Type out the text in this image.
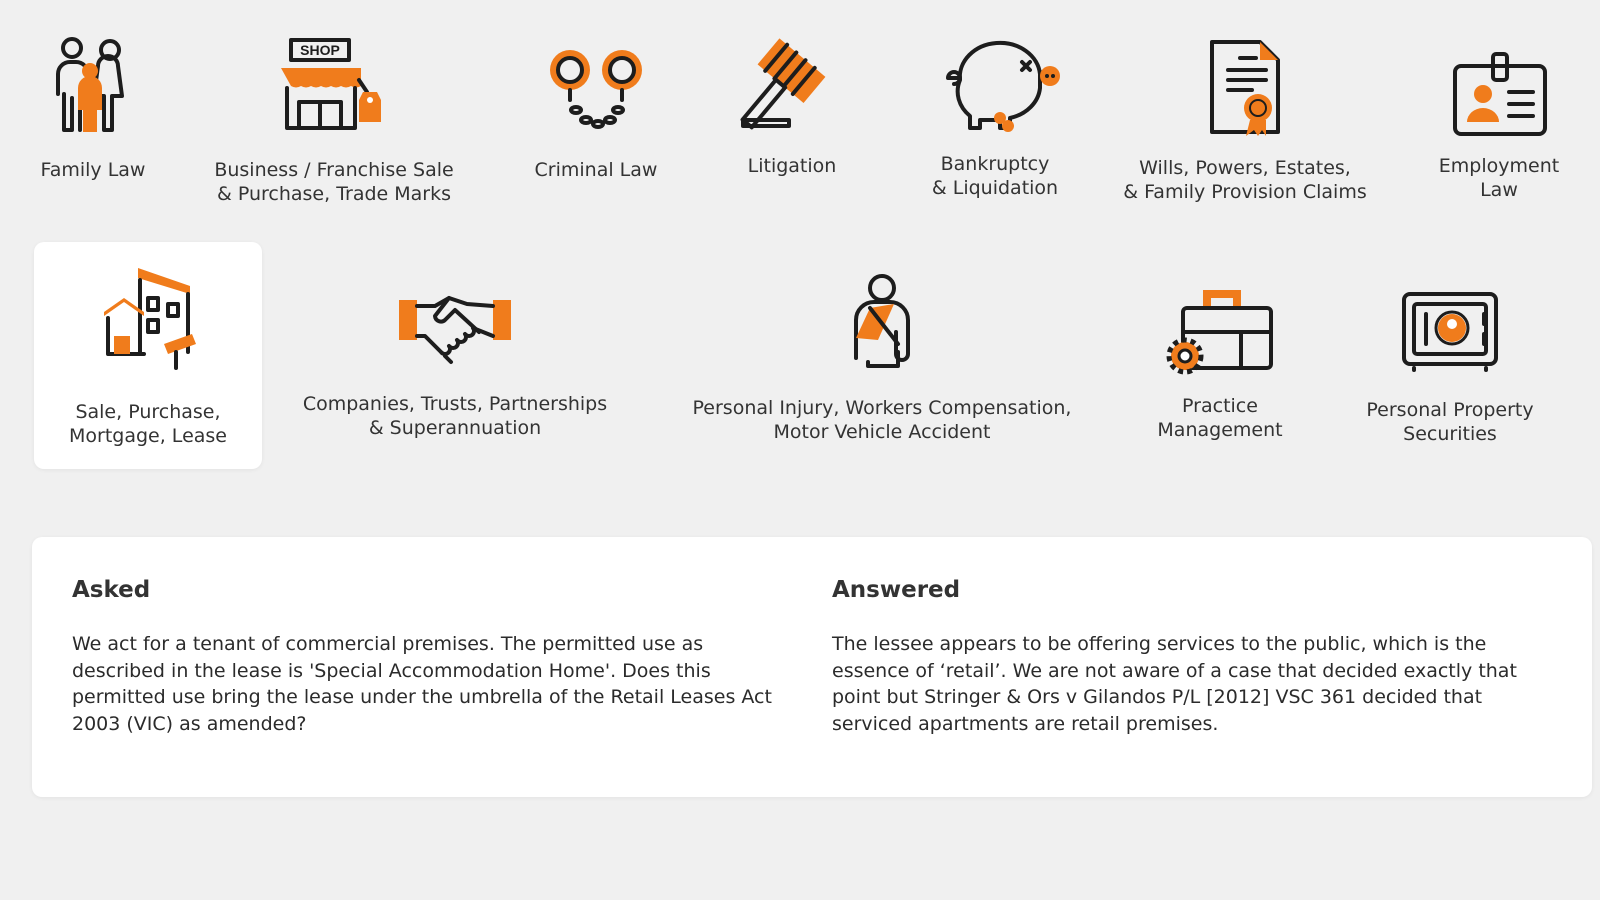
Family Law
SHOP
Business / Franchise Sale
& Purchase, Trade Marks
Criminal Law	Litigation	Bankruptcy
& Liquidation
Wills, Powers, Estates,
& Family Provision Claims
Employment
Law
Sale, Purchase,
Mortgage, Lease
Companies, Trusts, Partnerships
& Superannuation
Personal Injury, Workers Compensation,
Motor Vehicle Accident
Practice
Management
Personal Property
Securities
Asked

We act for a tenant of commercial premises. The permitted use as described in the lease is 'Special Accommodation Home'. Does this permitted use bring the lease under the umbrella of the Retail Leases Act 2003 (VIC) as amended?

Answered

The lessee appears to be offering services to the public, which is the essence of ‘retail’. We are not aware of a case that decided exactly that point but Stringer & Ors v Gilandos P/L [2012] VSC 361 decided that serviced apartments are retail premises.
